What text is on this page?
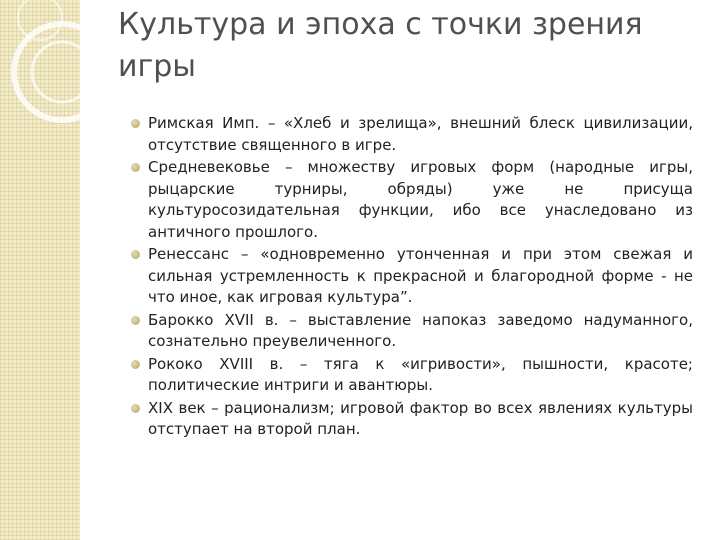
Культура и эпоха с точки зрения игры
Римская Имп. – «Хлеб и зрелища», внешний блеск цивилизации, отсутствие священного в игре.
Средневековье – множеству игровых форм (народные игры, рыцарские турниры, обряды) уже не присуща культуросозидательная функции, ибо все унаследовано из античного прошлого.
Ренессанс – «одновременно утонченная и при этом свежая и сильная устремленность к прекрасной и благородной форме - не что иное, как игровая культура”.
Барокко XVII в. – выставление напоказ заведомо надуманного, сознательно преувеличенного.
Рококо XVIII в. – тяга к «игривости», пышности, красоте; политические интриги и авантюры.
XIX век – рационализм; игровой фактор во всех явлениях культуры отступает на второй план.
